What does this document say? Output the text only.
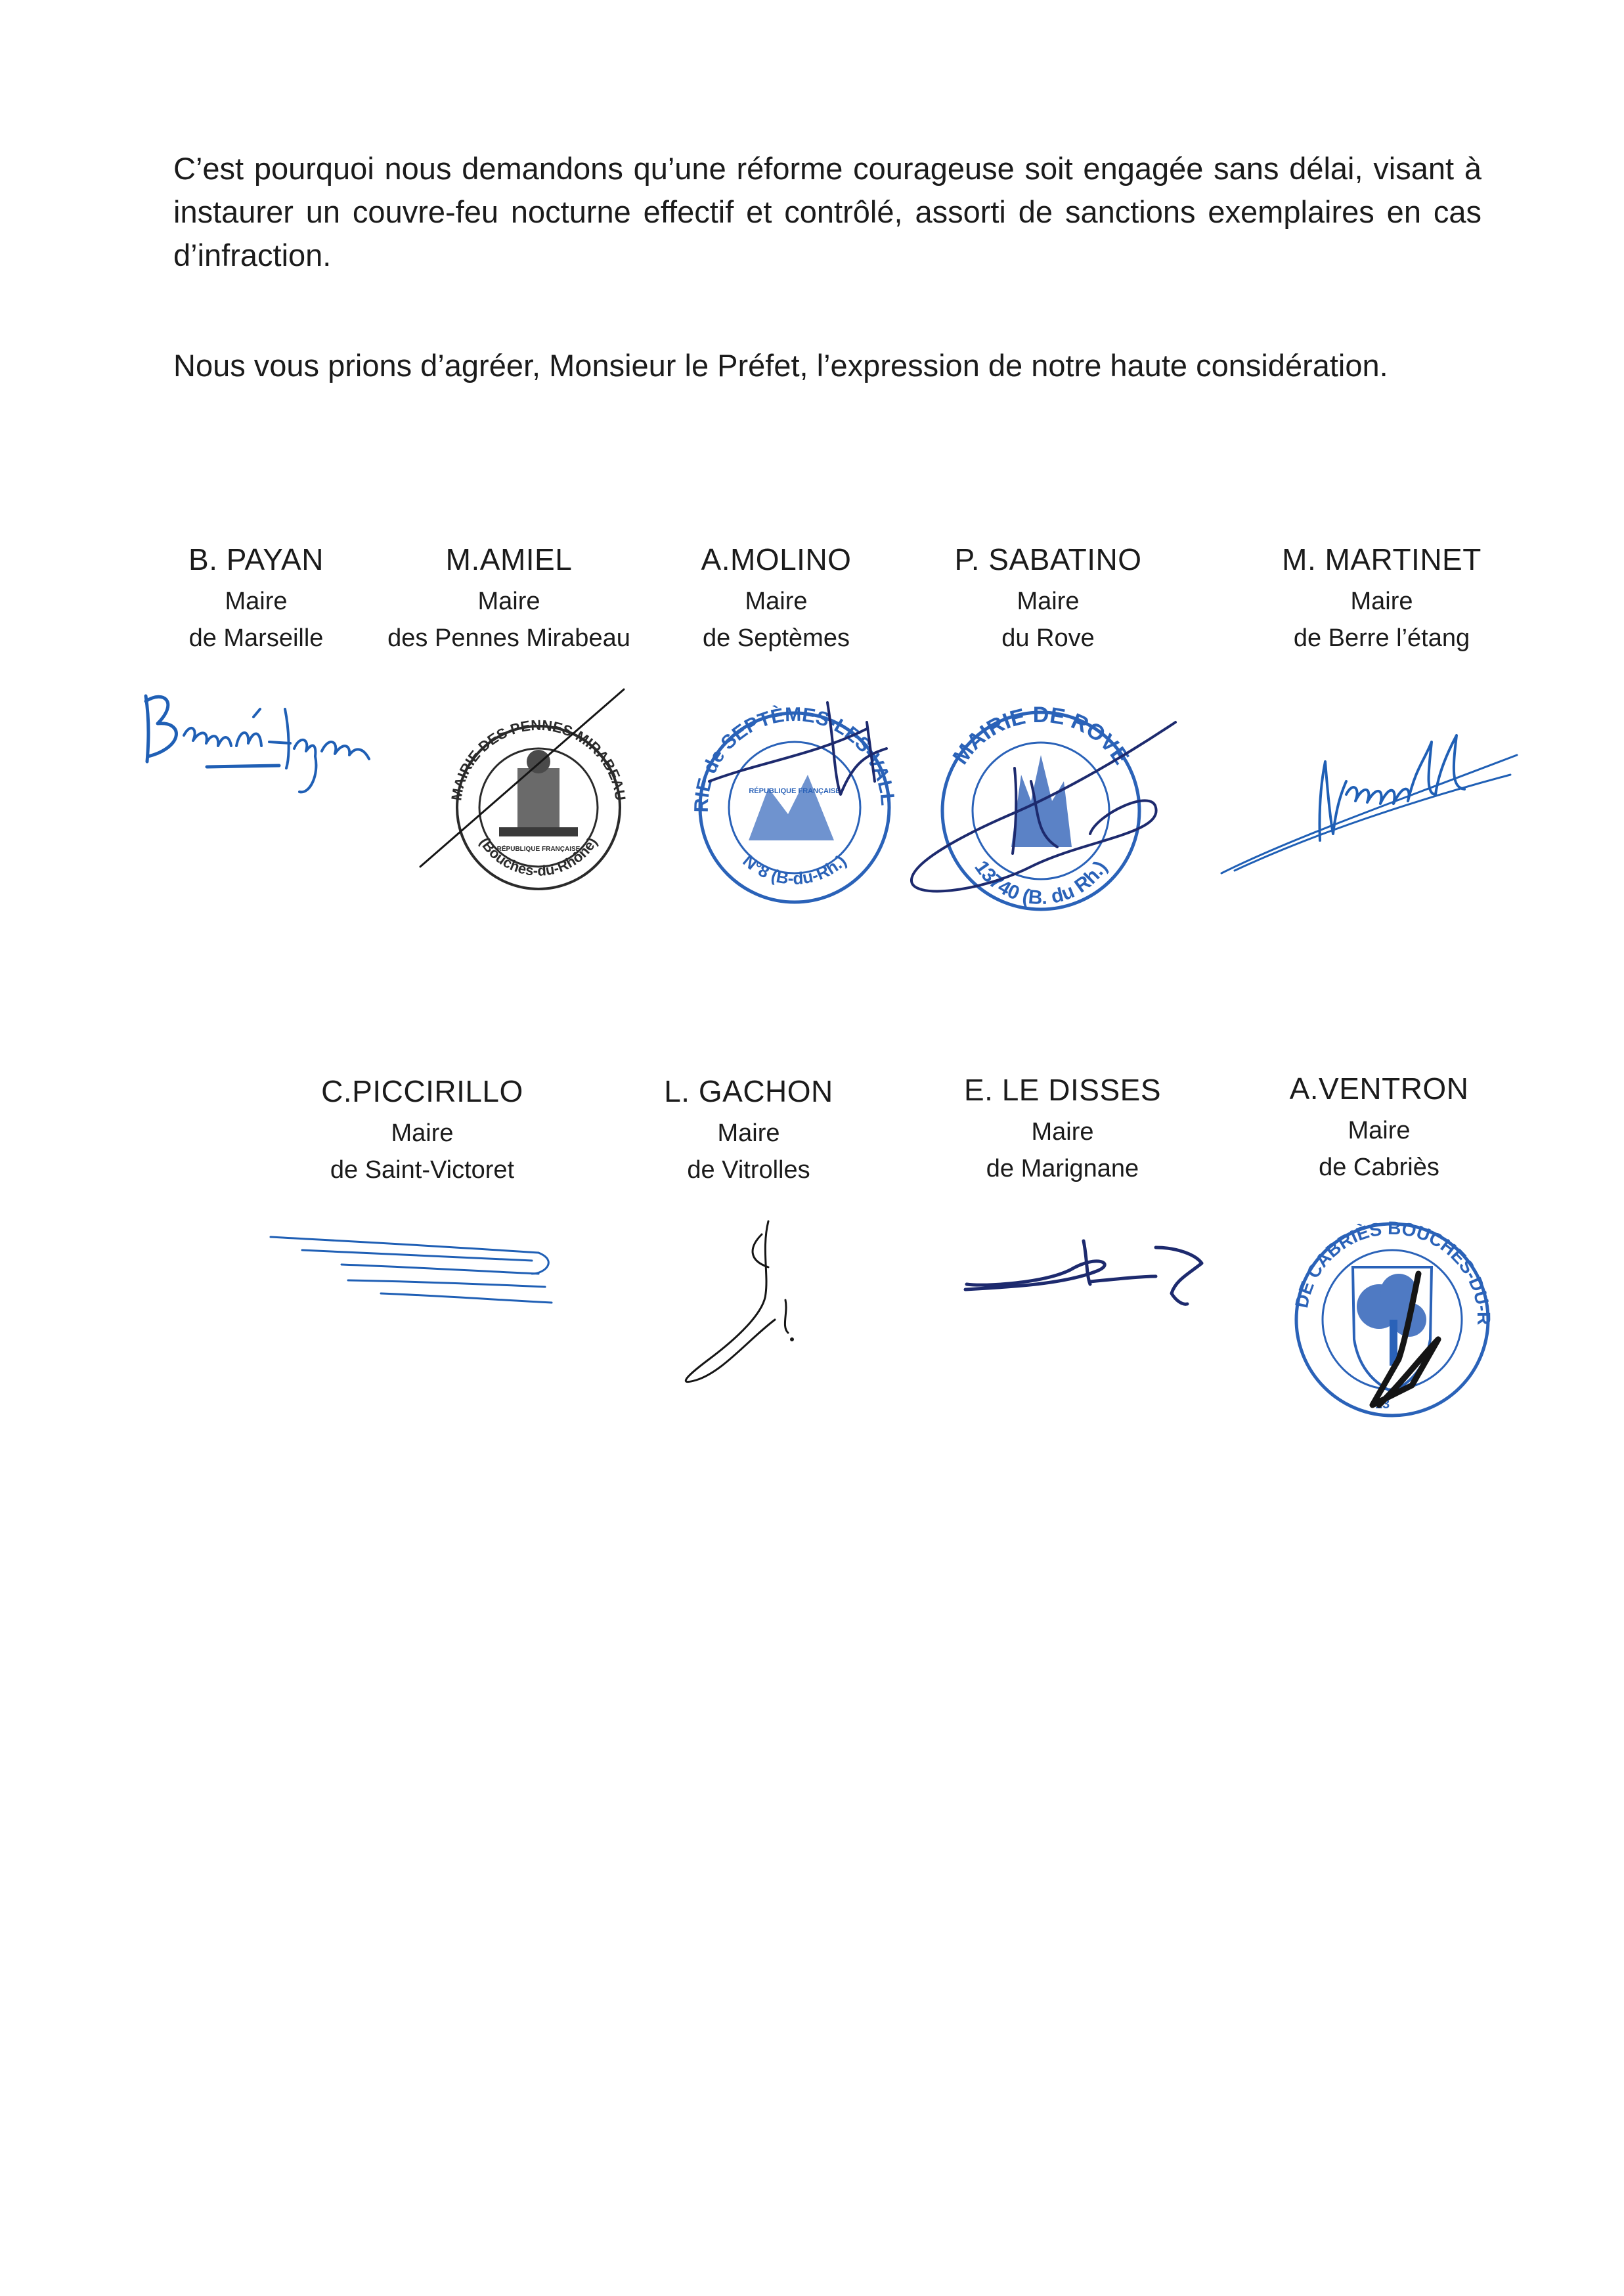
C’est pourquoi nous demandons qu’une réforme courageuse soit engagée sans délai, visant à instaurer un couvre-feu nocturne effectif et contrôlé, assorti de sanctions exemplaires en cas d’infraction.

Nous vous prions d’agréer, Monsieur le Préfet, l’expression de notre haute considération.

B. PAYAN
Maire
de Marseille
M.AMIEL
Maire
des Pennes Mirabeau
A.MOLINO
Maire
de Septèmes
P. SABATINO
Maire
du Rove
M. MARTINET
Maire
de Berre l’étang
C.PICCIRILLO
Maire
de Saint-Victoret
L. GACHON
Maire
de Vitrolles
E. LE DISSES
Maire
de Marignane
A.VENTRON
Maire
de Cabriès
MAIRIE DES PENNES-MIRABEAU
(Bouches-du-Rhône)
RÉPUBLIQUE FRANÇAISE
MAIRIE de SEPTÈMES-LES-VALLONS
N°8 (B-du-Rh.)
RÉPUBLIQUE FRANÇAISE
MAIRIE DE ROVE
13740 (B. du Rh.)
MAIRIE DE CABRIÈS BOUCHES-DU-RHÔNE
13
